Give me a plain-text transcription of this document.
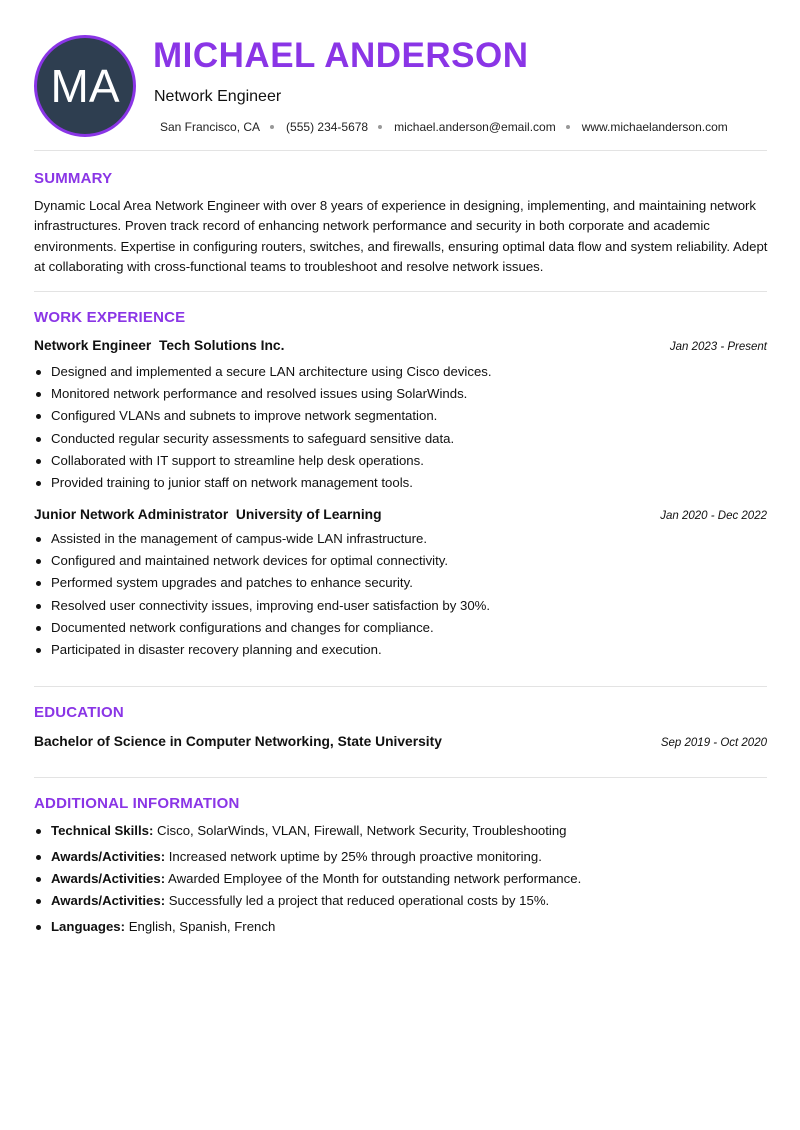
MA
MICHAEL ANDERSON
Network Engineer
San Francisco, CA (555) 234-5678 michael.anderson@email.com www.michaelanderson.com
SUMMARY

Dynamic Local Area Network Engineer with over 8 years of experience in designing, implementing, and maintaining network infrastructures. Proven track record of enhancing network performance and security in both corporate and academic environments. Expertise in configuring routers, switches, and firewalls, ensuring optimal data flow and system reliability. Adept at collaborating with cross-functional teams to troubleshoot and resolve network issues.

WORK EXPERIENCE
Network Engineer Tech Solutions Inc.	Jan 2023 - Present
Designed and implemented a secure LAN architecture using Cisco devices.
Monitored network performance and resolved issues using SolarWinds.
Configured VLANs and subnets to improve network segmentation.
Conducted regular security assessments to safeguard sensitive data.
Collaborated with IT support to streamline help desk operations.
Provided training to junior staff on network management tools.
Junior Network Administrator University of Learning	Jan 2020 - Dec 2022
Assisted in the management of campus-wide LAN infrastructure.
Configured and maintained network devices for optimal connectivity.
Performed system upgrades and patches to enhance security.
Resolved user connectivity issues, improving end-user satisfaction by 30%.
Documented network configurations and changes for compliance.
Participated in disaster recovery planning and execution.
EDUCATION
Bachelor of Science in Computer Networking, State University	Sep 2019 - Oct 2020
ADDITIONAL INFORMATION
Technical Skills: Cisco, SolarWinds, VLAN, Firewall, Network Security, Troubleshooting
Awards/Activities: Increased network uptime by 25% through proactive monitoring.
Awards/Activities: Awarded Employee of the Month for outstanding network performance.
Awards/Activities: Successfully led a project that reduced operational costs by 15%.
Languages: English, Spanish, French
